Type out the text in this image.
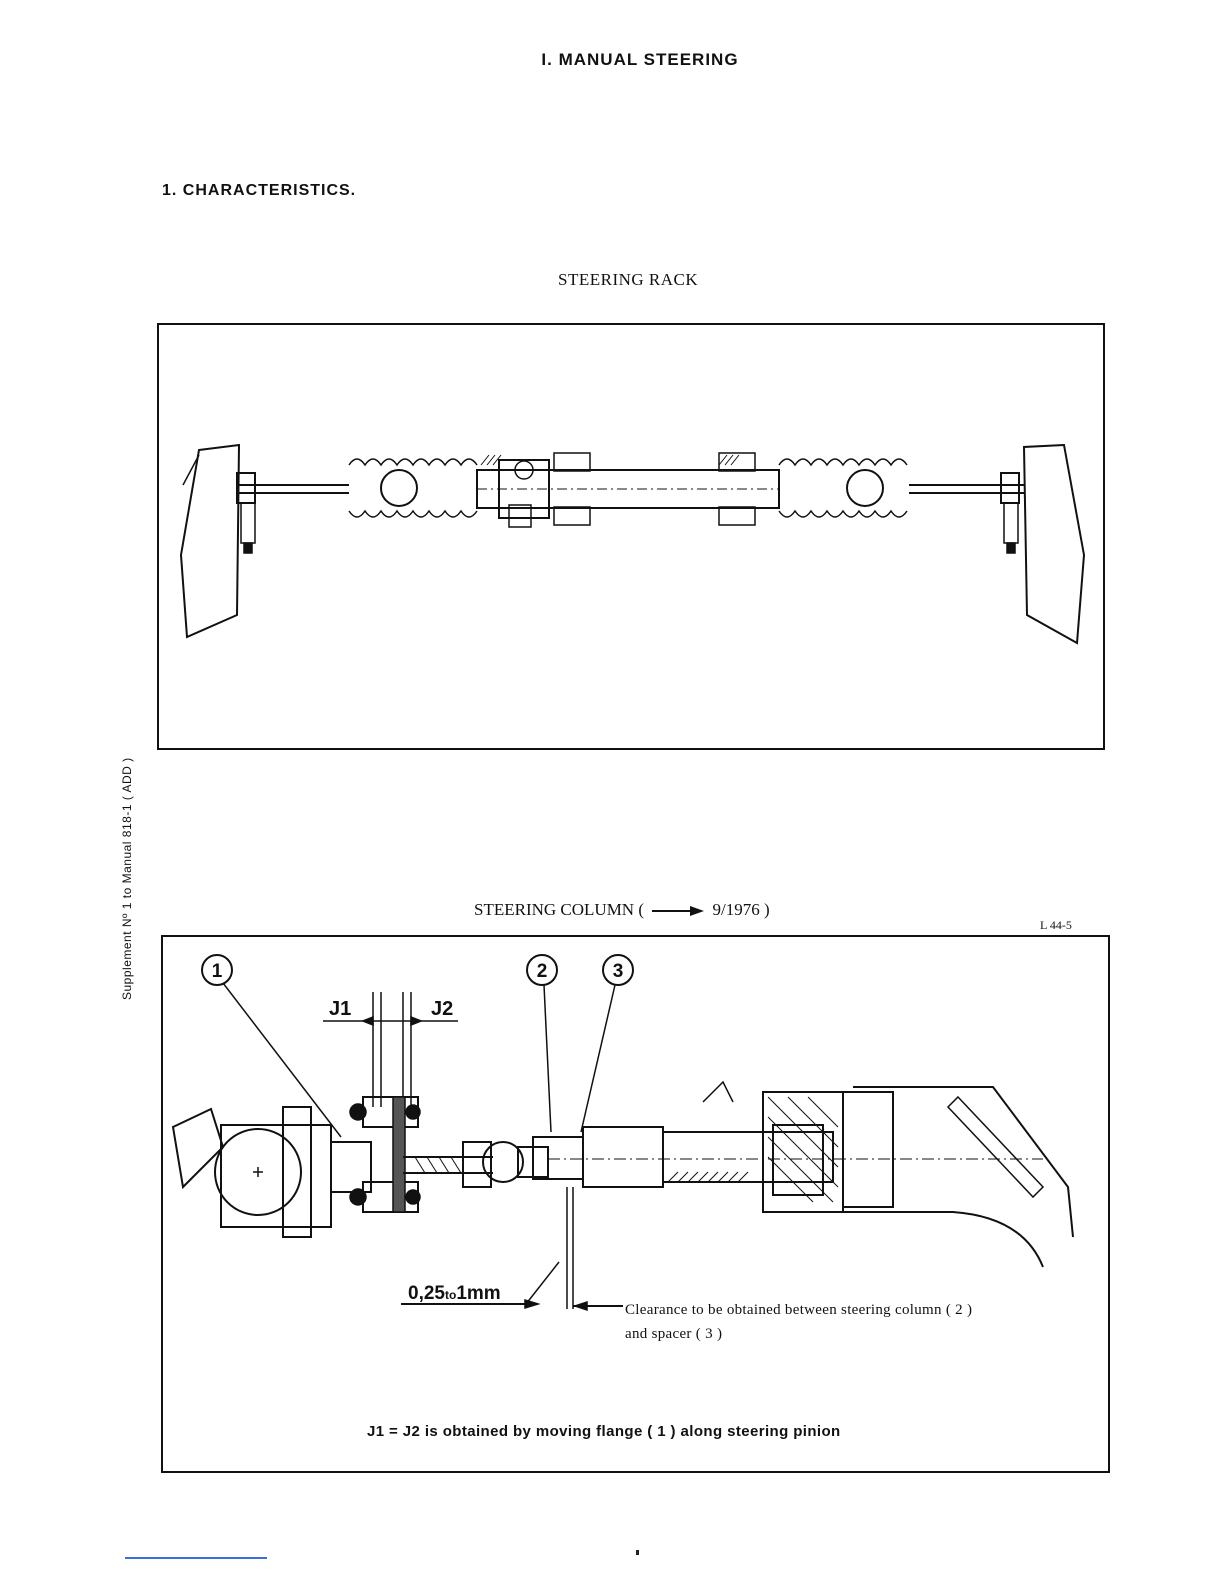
I. MANUAL STEERING
1. CHARACTERISTICS.
Supplement Nº 1 to Manual 818-1 ( ADD )
STEERING RACK
STEERING COLUMN (	9/1976 )
L 44-5
1	2	3
J1	J2
0,25to1mm
Clearance to be obtained between steering column ( 2 )
and spacer ( 3 )
J1 = J2 is obtained by moving flange ( 1 ) along steering pinion
